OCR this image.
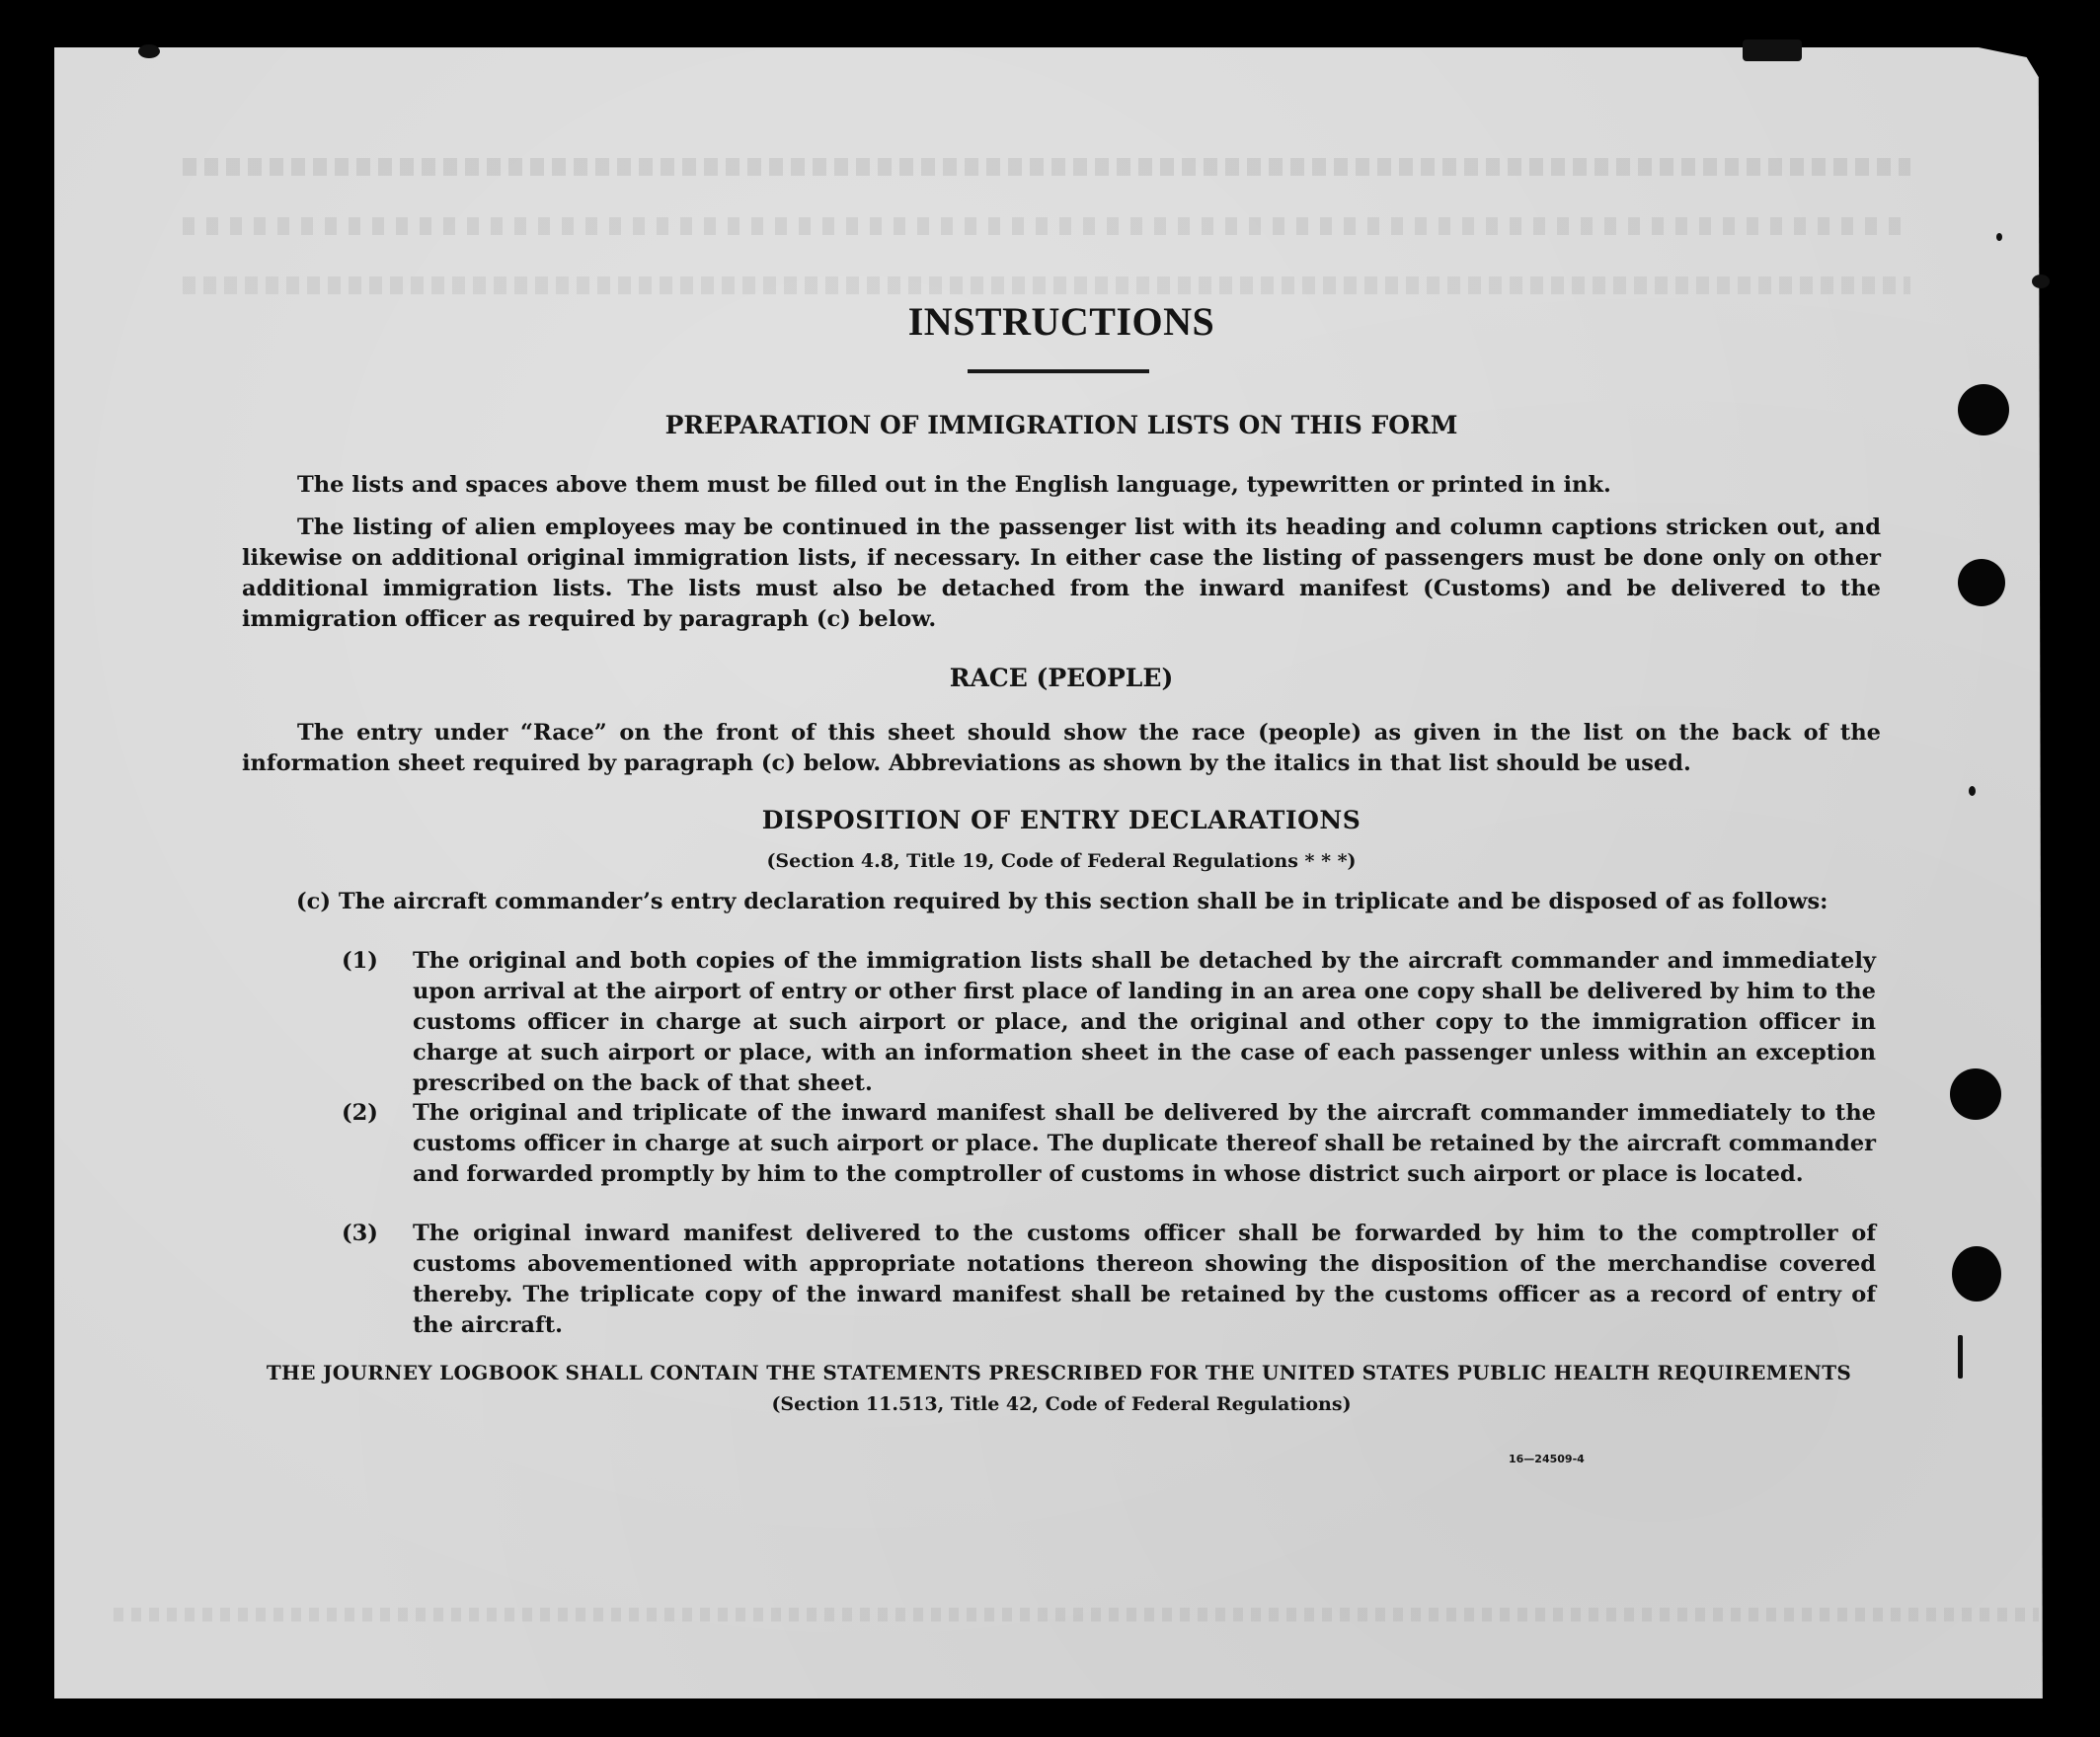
INSTRUCTIONS
PREPARATION OF IMMIGRATION LISTS ON THIS FORM

The lists and spaces above them must be filled out in the English language, typewritten or printed in ink.

The listing of alien employees may be continued in the passenger list with its heading and column captions stricken out, and likewise on additional original immigration lists, if necessary. In either case the listing of passengers must be done only on other additional immigration lists. The lists must also be detached from the inward manifest (Customs) and be delivered to the immigration officer as required by paragraph (c) below.

RACE (PEOPLE)

The entry under “Race” on the front of this sheet should show the race (people) as given in the list on the back of the information sheet required by paragraph (c) below. Abbreviations as shown by the italics in that list should be used.

DISPOSITION OF ENTRY DECLARATIONS
(Section 4.8, Title 19, Code of Federal Regulations * * *)

(c) The aircraft commander’s entry declaration required by this section shall be in triplicate and be disposed of as follows:

(1) The original and both copies of the immigration lists shall be detached by the aircraft commander and immediately upon arrival at the airport of entry or other first place of landing in an area one copy shall be delivered by him to the customs officer in charge at such airport or place, and the original and other copy to the immigration officer in charge at such airport or place, with an information sheet in the case of each passenger unless within an exception prescribed on the back of that sheet.
(2) The original and triplicate of the inward manifest shall be delivered by the aircraft commander immediately to the customs officer in charge at such airport or place. The duplicate thereof shall be retained by the aircraft commander and forwarded promptly by him to the comptroller of customs in whose district such airport or place is located.
(3) The original inward manifest delivered to the customs officer shall be forwarded by him to the comptroller of customs abovementioned with appropriate notations thereon showing the disposition of the merchandise covered thereby. The triplicate copy of the inward manifest shall be retained by the customs officer as a record of entry of the aircraft.
THE JOURNEY LOGBOOK SHALL CONTAIN THE STATEMENTS PRESCRIBED FOR THE UNITED STATES PUBLIC HEALTH REQUIREMENTS
(Section 11.513, Title 42, Code of Federal Regulations)
16—24509-4
